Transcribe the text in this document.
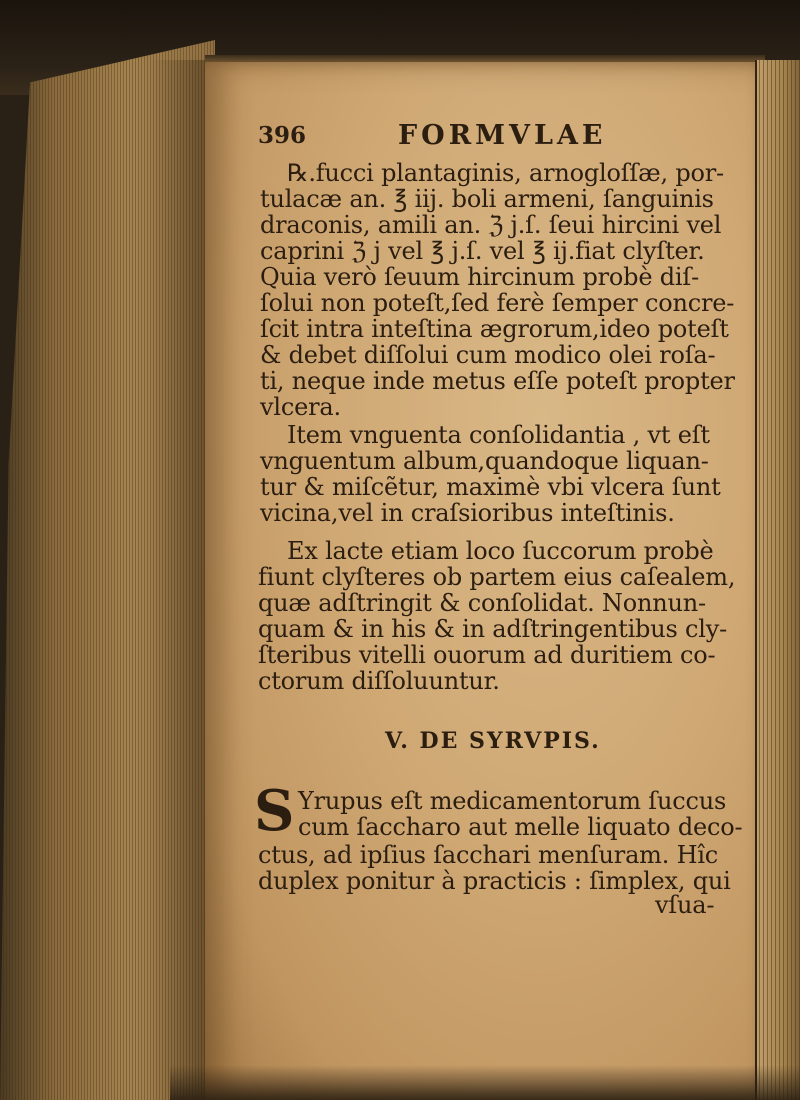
396	FORMVLAE
℞.fucci plantaginis, arnogloſſæ, por-
tulacæ an. ℥ iij. boli armeni, ſanguinis
draconis, amili an. ℨ j.ſ. ſeui hircini vel
caprini ℨ j vel ℥ j.ſ. vel ℥ ij.fiat clyſter.
Quia verò ſeuum hircinum probè diſ-
ſolui non poteſt,ſed ferè ſemper concre-
ſcit intra inteſtina ægrorum,ideo poteſt
& debet diſſolui cum modico olei roſa-
ti, neque inde metus eſſe poteſt propter
vlcera.
Item vnguenta conſolidantia , vt eſt
vnguentum album,quandoque liquan-
tur & miſcẽtur, maximè vbi vlcera ſunt
vicina,vel in craſsioribus inteſtinis.
Ex lacte etiam loco ſuccorum probè
fiunt clyſteres ob partem eius caſealem,
quæ adſtringit & conſolidat. Nonnun-
quam & in his & in adſtringentibus cly-
ſteribus vitelli ouorum ad duritiem co-
ctorum diſſoluuntur.
V. DE SYRVPIS.
S Yrupus eſt medicamentorum ſuccus
cum ſaccharo aut melle liquato deco-
ctus, ad ipſius ſacchari menſuram. Hîc
duplex ponitur à practicis : ſimplex, qui
vſua-
